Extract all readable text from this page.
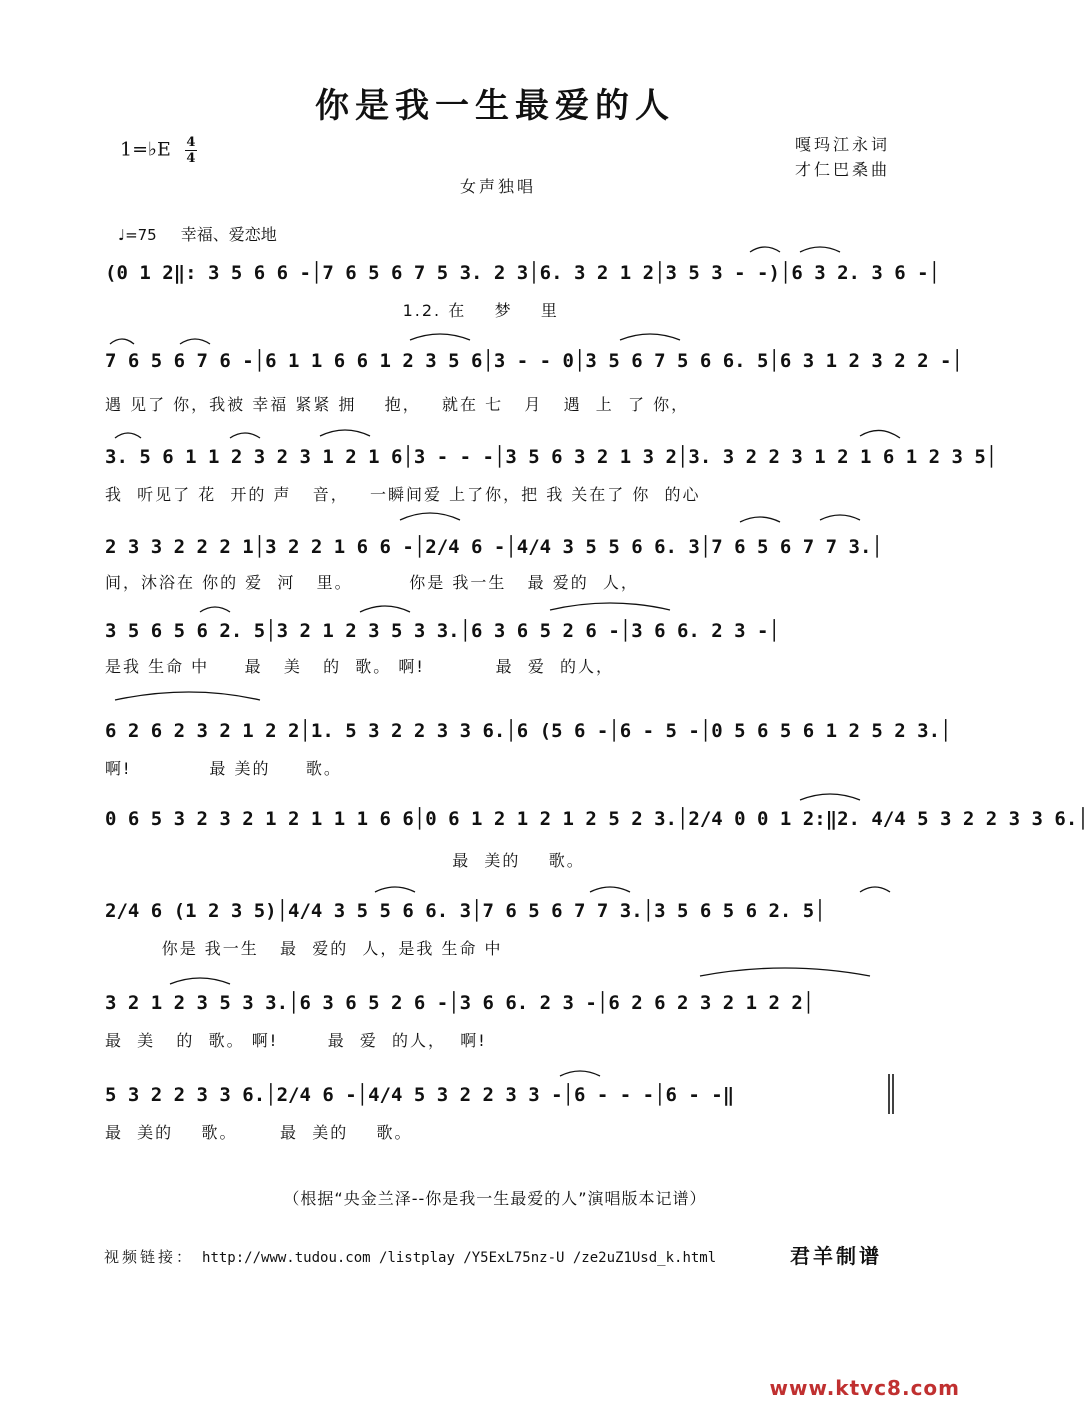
你是我一生最爱的人
1=♭E $\frac{4}{4}$	嘎玛江永词
才仁巴桑曲
女声独唱
♩=75 幸福、爱恋地
(0 1 2‖: 3 5 6 6 -│7 6 5 6 7 5 3. 2 3│6. 3 2 1 2│3 5 3 - -)│6 3 2. 3 6 -│
1.2. 在    梦    里
7 6 5 6 7 6 -│6 1 1 6 6 1 2 3 5 6│3 - - 0│3 5 6 7 5 6 6. 5│6 3 1 2 3 2 2 -│
遇 见了 你，我被 幸福 紧紧 拥    抱，   就在 七   月   遇  上  了 你，
3. 5 6 1 1 2 3 2 3 1 2 1 6│3 - - -│3 5 6 3 2 1 3 2│3. 3 2 2 3 1 2 1 6 1 2 3 5│
我  听见了 花  开的 声   音，   一瞬间爱 上了你，把 我 关在了 你  的心
2 3 3 2 2 2 1│3 2 2 1 6 6 -│2/4 6 -│4/4 3 5 5 6 6. 3│7 6 5 6 7 7 3.│
间，沐浴在 你的 爱  河   里。        你是 我一生   最 爱的  人，
3 5 6 5 6 2. 5│3 2 1 2 3 5 3 3.│6 3 6 5 2 6 -│3 6 6. 2 3 -│
是我 生命 中     最   美   的  歌。 啊!          最  爱  的人，
6 2 6 2 3 2 1 2 2│1. 5 3 2 2 3 3 6.│6 (5 6 -│6 - 5 -│0 5 6 5 6 1 2 5 2 3.│
啊!           最 美的     歌。
0 6 5 3 2 3 2 1 2 1 1 1 6 6│0 6 1 2 1 2 1 2 5 2 3.│2/4 0 0 1 2:‖2. 4/4 5 3 2 2 3 3 6.│
最  美的    歌。
2/4 6 (1 2 3 5)│4/4 3 5 5 6 6. 3│7 6 5 6 7 7 3.│3 5 6 5 6 2. 5│
你是 我一生   最  爱的  人，是我 生命 中
3 2 1 2 3 5 3 3.│6 3 6 5 2 6 -│3 6 6. 2 3 -│6 2 6 2 3 2 1 2 2│
最  美   的  歌。 啊!       最  爱  的人，  啊!
5 3 2 2 3 3 6.│2/4 6 -│4/4 5 3 2 2 3 3 -│6 - - -│6 - -‖
最  美的    歌。      最  美的    歌。
（根据“央金兰泽--你是我一生最爱的人”演唱版本记谱）
视频链接： http://www.tudou.com /listplay /Y5ExL75nz-U /ze2uZ1Usd_k.html	君羊制谱
www.ktvc8.com
